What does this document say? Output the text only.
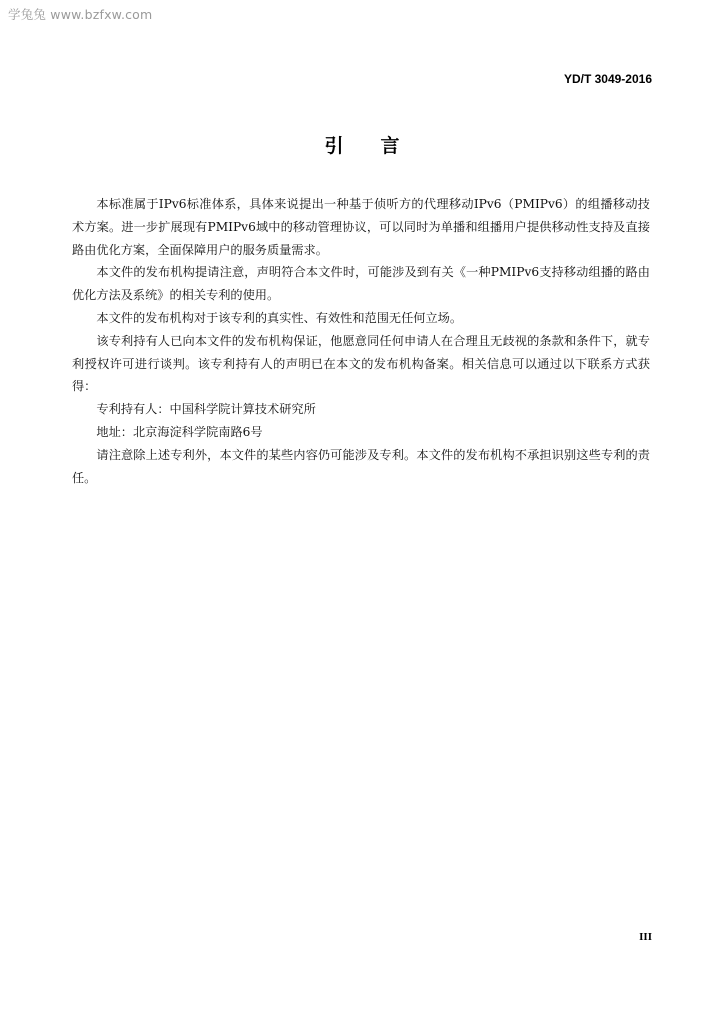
学兔兔 www.bzfxw.com
YD/T 3049-2016
引言

本标准属于IPv6标准体系，具体来说提出一种基于侦听方的代理移动IPv6（PMIPv6）的组播移动技术方案。进一步扩展现有PMIPv6域中的移动管理协议，可以同时为单播和组播用户提供移动性支持及直接路由优化方案，全面保障用户的服务质量需求。

本文件的发布机构提请注意，声明符合本文件时，可能涉及到有关《一种PMIPv6支持移动组播的路由优化方法及系统》的相关专利的使用。

本文件的发布机构对于该专利的真实性、有效性和范围无任何立场。

该专利持有人已向本文件的发布机构保证，他愿意同任何申请人在合理且无歧视的条款和条件下，就专利授权许可进行谈判。该专利持有人的声明已在本文的发布机构备案。相关信息可以通过以下联系方式获得：

专利持有人：中国科学院计算技术研究所

地址：北京海淀科学院南路6号

请注意除上述专利外，本文件的某些内容仍可能涉及专利。本文件的发布机构不承担识别这些专利的责任。

III
